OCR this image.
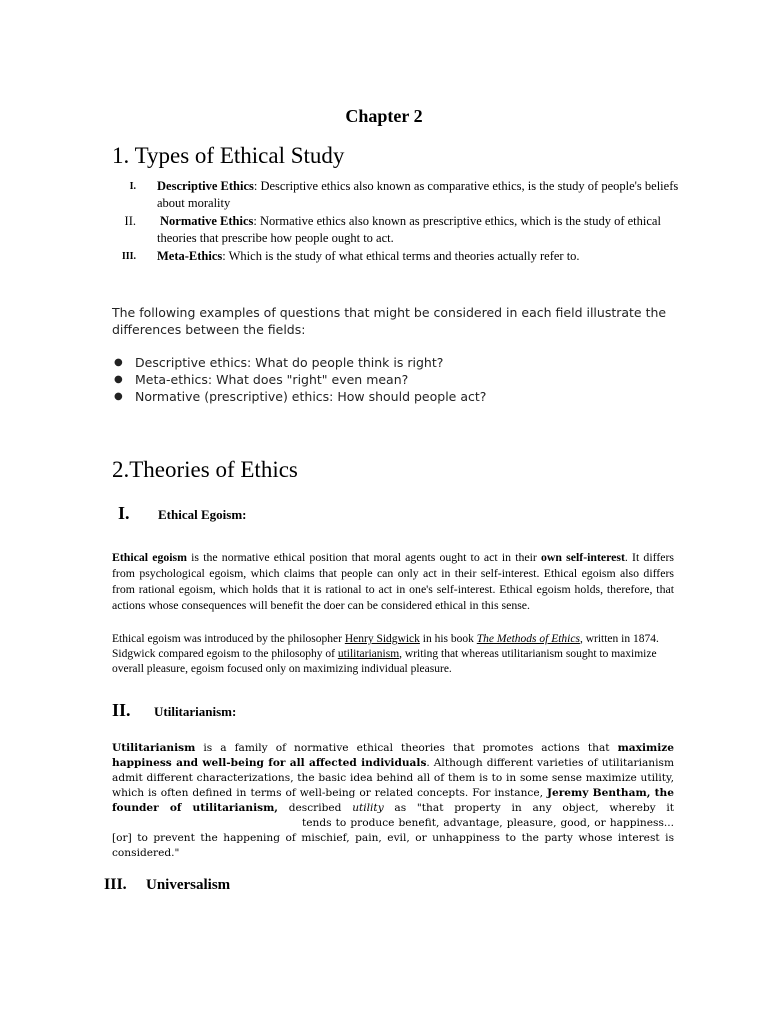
Chapter 2
1. Types of Ethical Study
I. Descriptive Ethics: Descriptive ethics also known as comparative ethics, is the study of people's beliefs about morality
II. Normative Ethics: Normative ethics also known as prescriptive ethics, which is the study of ethical theories that prescribe how people ought to act.
III. Meta-Ethics: Which is the study of what ethical terms and theories actually refer to.
The following examples of questions that might be considered in each field illustrate the differences between the fields:
● Descriptive ethics: What do people think is right?
● Meta-ethics: What does "right" even mean?
● Normative (prescriptive) ethics: How should people act?
2.Theories of Ethics
I. Ethical Egoism:
Ethical egoism is the normative ethical position that moral agents ought to act in their own self-interest. It differs from psychological egoism, which claims that people can only act in their self-interest. Ethical egoism also differs from rational egoism, which holds that it is rational to act in one's self-interest. Ethical egoism holds, therefore, that actions whose consequences will benefit the doer can be considered ethical in this sense.
Ethical egoism was introduced by the philosopher Henry Sidgwick in his book The Methods of Ethics, written in 1874. Sidgwick compared egoism to the philosophy of utilitarianism, writing that whereas utilitarianism sought to maximize overall pleasure, egoism focused only on maximizing individual pleasure.
II. Utilitarianism:
Utilitarianism is a family of normative ethical theories that promotes actions that maximize happiness and well-being for all affected individuals. Although different varieties of utilitarianism admit different characterizations, the basic idea behind all of them is to in some sense maximize utility, which is often defined in terms of well-being or related concepts. For instance, Jeremy Bentham, the founder of utilitarianism, described utility as "that property in any object, whereby ittends to produce benefit, advantage, pleasure, good, or happiness...[or] to prevent the happening of mischief, pain, evil, or unhappiness to the party whose interest is considered."
III. Universalism
